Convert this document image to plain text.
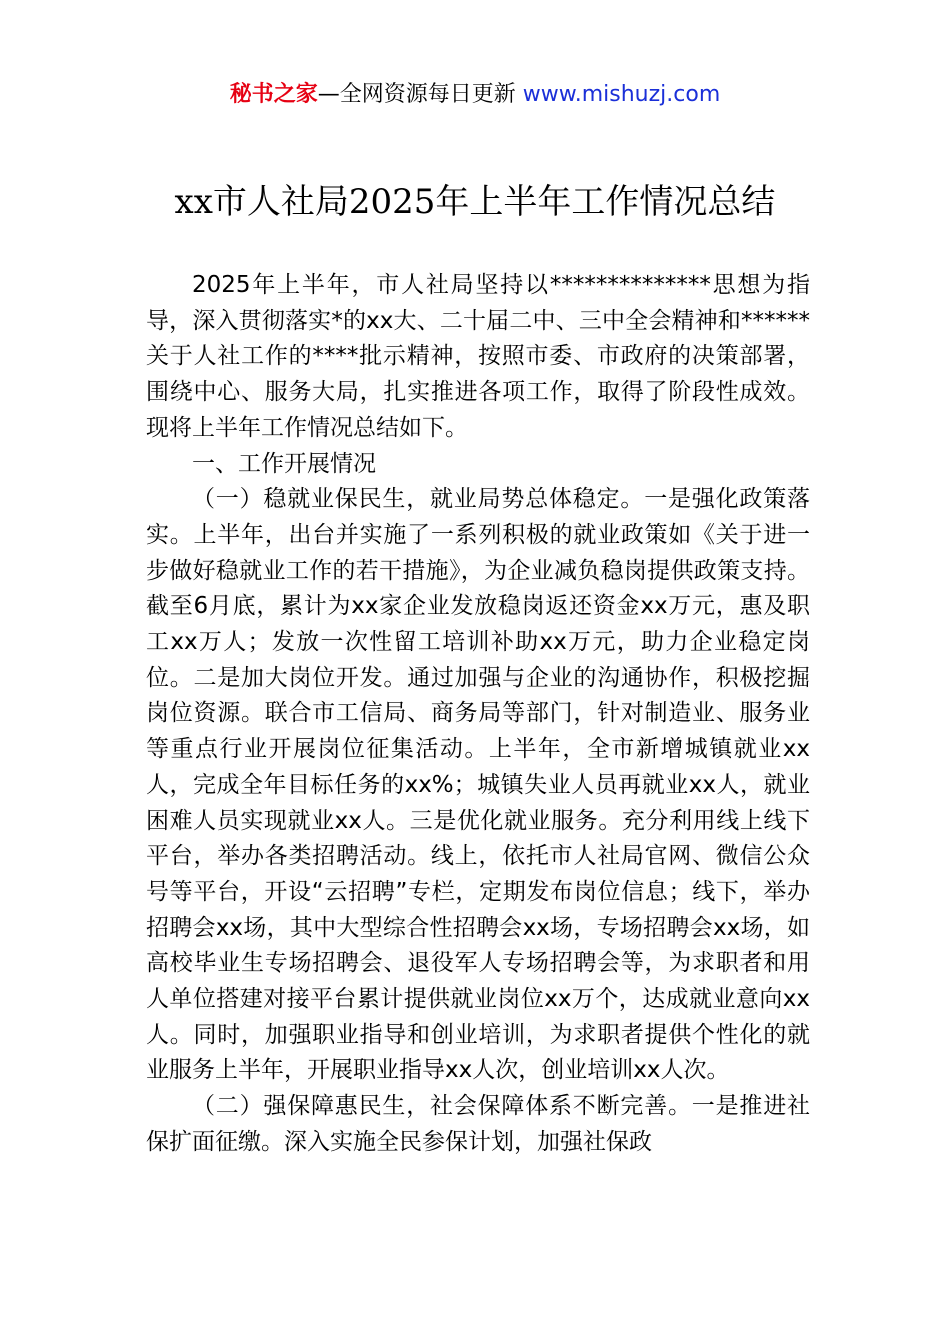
秘书之家—全网资源每日更新 www.mishuzj.com
xx市人社局2025年上半年工作情况总结

2025年上半年，市人社局坚持以**************思想为指导，深入贯彻落实*的xx大、二十届二中、三中全会精神和******关于人社工作的****批示精神，按照市委、市政府的决策部署，围绕中心、服务大局，扎实推进各项工作，取得了阶段性成效。现将上半年工作情况总结如下。

一、工作开展情况

（一）稳就业保民生，就业局势总体稳定。一是强化政策落实。上半年，出台并实施了一系列积极的就业政策如《关于进一步做好稳就业工作的若干措施》，为企业减负稳岗提供政策支持。截至6月底，累计为xx家企业发放稳岗返还资金xx万元，惠及职工xx万人；发放一次性留工培训补助xx万元，助力企业稳定岗位。二是加大岗位开发。通过加强与企业的沟通协作，积极挖掘岗位资源。联合市工信局、商务局等部门，针对制造业、服务业等重点行业开展岗位征集活动。上半年，全市新增城镇就业xx人，完成全年目标任务的xx%；城镇失业人员再就业xx人，就业困难人员实现就业xx人。三是优化就业服务。充分利用线上线下平台，举办各类招聘活动。线上，依托市人社局官网、微信公众号等平台，开设“云招聘”专栏，定期发布岗位信息；线下，举办招聘会xx场，其中大型综合性招聘会xx场，专场招聘会xx场，如高校毕业生专场招聘会、退役军人专场招聘会等，为求职者和用人单位搭建对接平台累计提供就业岗位xx万个，达成就业意向xx人。同时，加强职业指导和创业培训，为求职者提供个性化的就业服务上半年，开展职业指导xx人次，创业培训xx人次。

（二）强保障惠民生，社会保障体系不断完善。一是推进社保扩面征缴。深入实施全民参保计划，加强社保政
